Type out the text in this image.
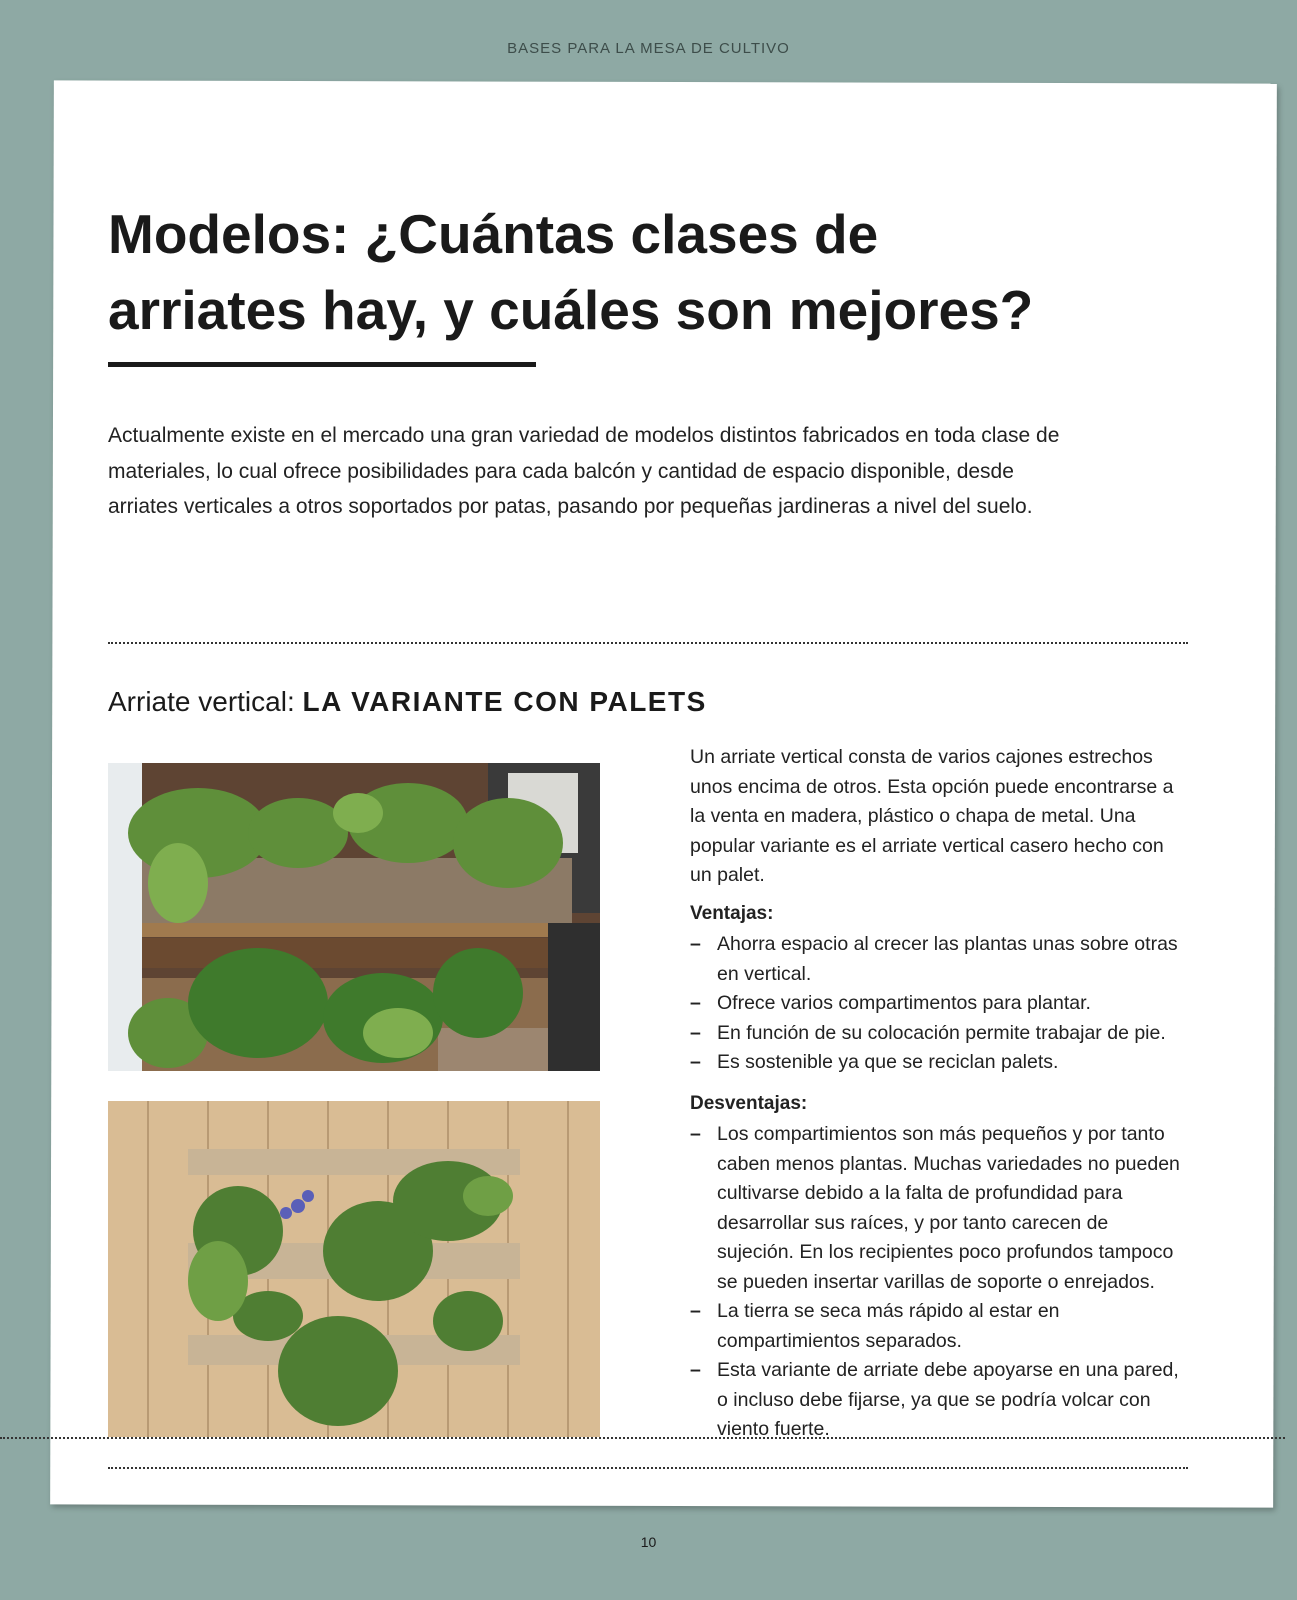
BASES PARA LA MESA DE CULTIVO
Modelos: ¿Cuántas clases de
arriates hay, y cuáles son mejores?

Actualmente existe en el mercado una gran variedad de modelos distintos fabricados en toda clase de materiales, lo cual ofrece posibilidades para cada balcón y cantidad de espacio disponible, desde arriates verticales a otros soportados por patas, pasando por pequeñas jardineras a nivel del suelo.

Arriate vertical: LA VARIANTE CON PALETS

Un arriate vertical consta de varios cajones estrechos unos encima de otros. Esta opción puede encontrarse a la venta en madera, plástico o chapa de metal. Una popular variante es el arriate vertical casero hecho con un palet.

Ventajas:

– Ahorra espacio al crecer las plantas unas sobre otras en vertical.
– Ofrece varios compartimentos para plantar.
– En función de su colocación permite trabajar de pie.
– Es sostenible ya que se reciclan palets.

Desventajas:

– Los compartimientos son más pequeños y por tanto caben menos plantas. Muchas variedades no pueden cultivarse debido a la falta de profundidad para desarrollar sus raíces, y por tanto carecen de sujeción. En los recipientes poco profundos tampoco se pueden insertar varillas de soporte o enrejados.
– La tierra se seca más rápido al estar en compartimientos separados.
– Esta variante de arriate debe apoyarse en una pared, o incluso debe fijarse, ya que se podría volcar con viento fuerte.
10
